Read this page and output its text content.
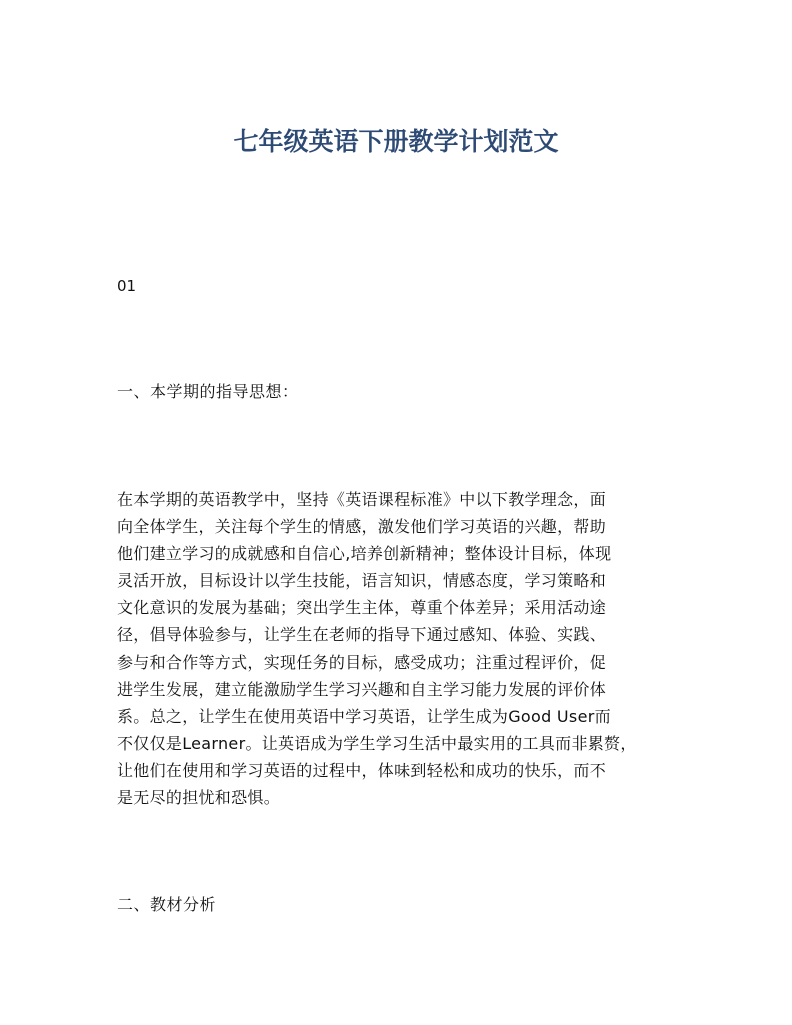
七年级英语下册教学计划范文

01

一、本学期的指导思想：
在本学期的英语教学中，坚持《英语课程标准》中以下教学理念，面
向全体学生，关注每个学生的情感，激发他们学习英语的兴趣，帮助
他们建立学习的成就感和自信心,培养创新精神；整体设计目标，体现
灵活开放，目标设计以学生技能，语言知识，情感态度，学习策略和
文化意识的发展为基础；突出学生主体，尊重个体差异；采用活动途
径，倡导体验参与，让学生在老师的指导下通过感知、体验、实践、
参与和合作等方式，实现任务的目标，感受成功；注重过程评价，促
进学生发展，建立能激励学生学习兴趣和自主学习能力发展的评价体
系。总之，让学生在使用英语中学习英语，让学生成为Good User而
不仅仅是Learner。让英语成为学生学习生活中最实用的工具而非累赘，
让他们在使用和学习英语的过程中，体味到轻松和成功的快乐，而不
是无尽的担忧和恐惧。
二、教材分析
